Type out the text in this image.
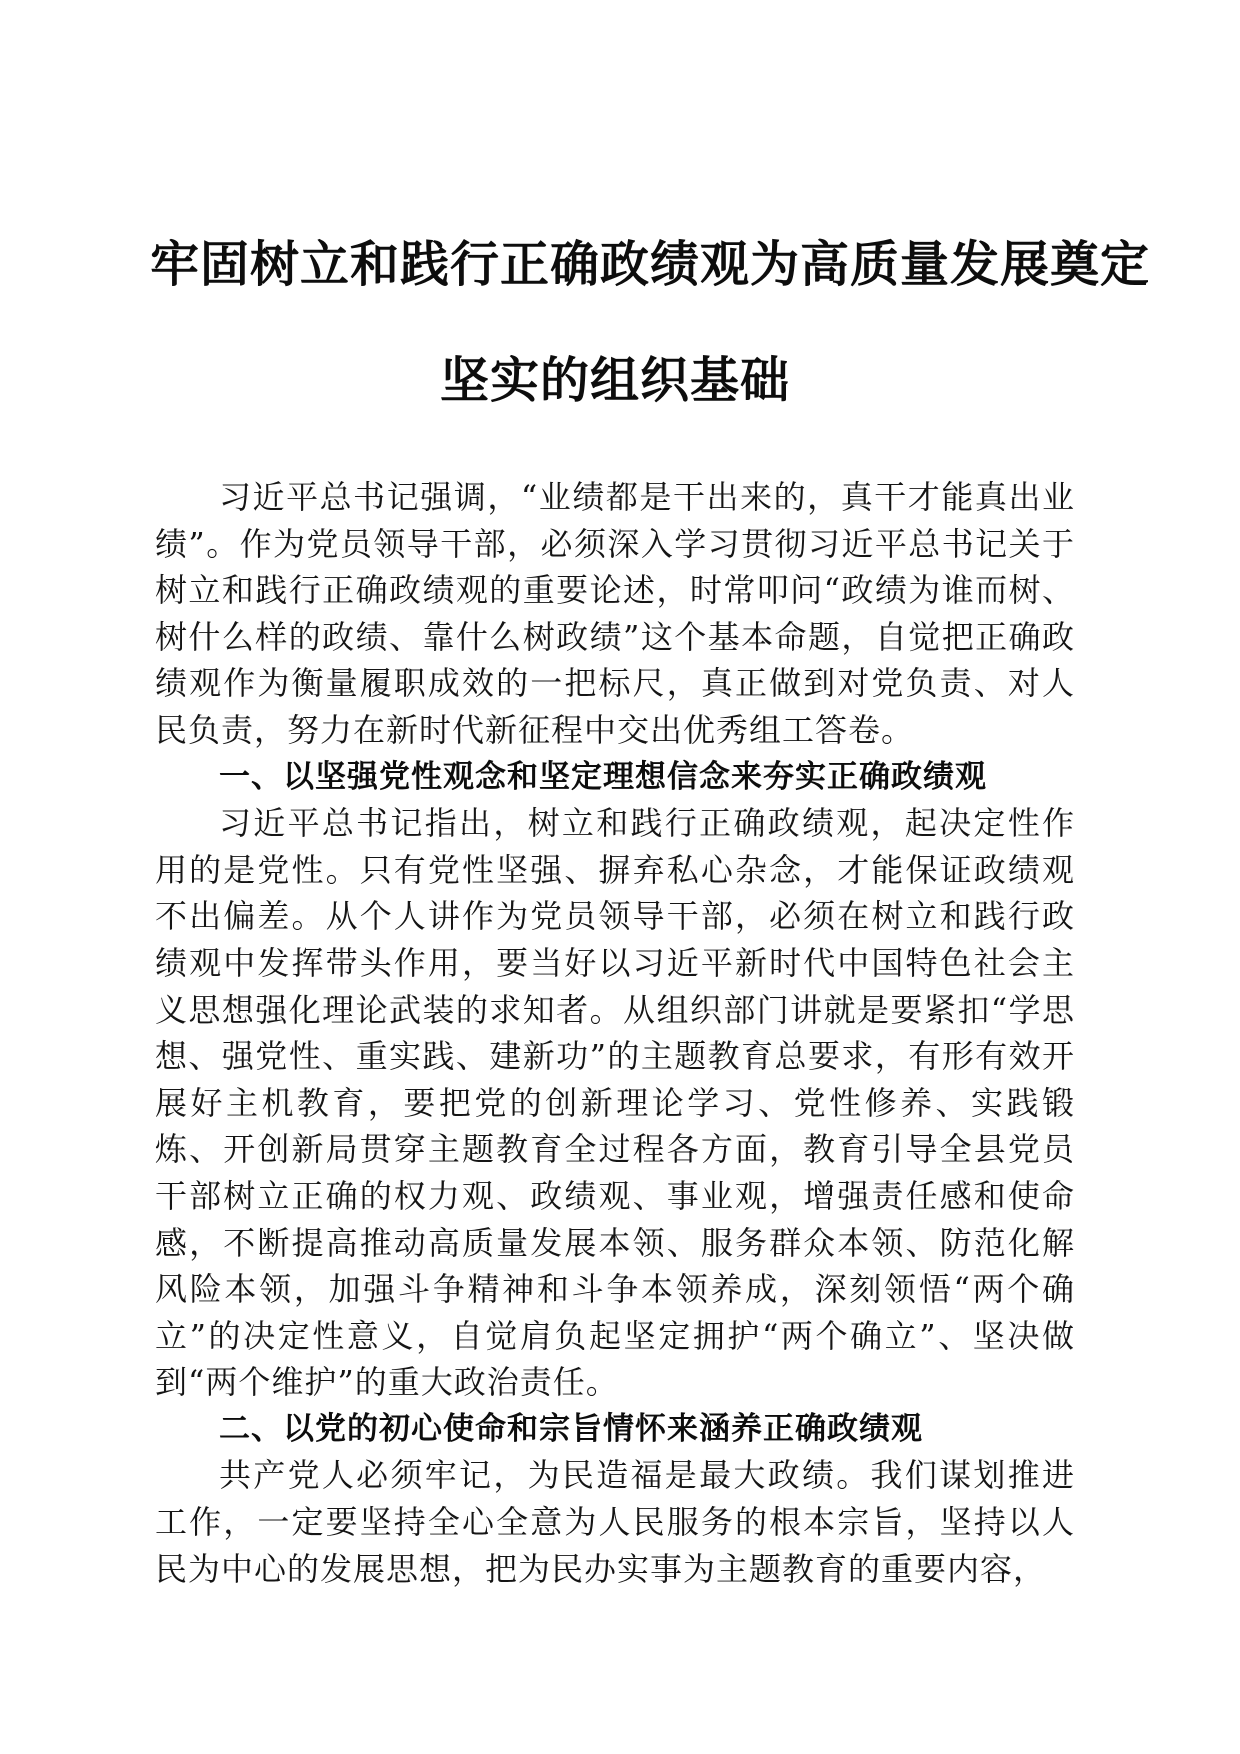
牢固树立和践行正确政绩观为高质量发展奠定
坚实的组织基础

习近平总书记强调，“业绩都是干出来的，真干才能真出业绩”。作为党员领导干部，必须深入学习贯彻习近平总书记关于树立和践行正确政绩观的重要论述，时常叩问“政绩为谁而树、树什么样的政绩、靠什么树政绩”这个基本命题，自觉把正确政绩观作为衡量履职成效的一把标尺，真正做到对党负责、对人民负责，努力在新时代新征程中交出优秀组工答卷。

一、以坚强党性观念和坚定理想信念来夯实正确政绩观

习近平总书记指出，树立和践行正确政绩观，起决定性作用的是党性。只有党性坚强、摒弃私心杂念，才能保证政绩观不出偏差。从个人讲作为党员领导干部，必须在树立和践行政绩观中发挥带头作用，要当好以习近平新时代中国特色社会主义思想强化理论武装的求知者。从组织部门讲就是要紧扣“学思想、强党性、重实践、建新功”的主题教育总要求，有形有效开展好主机教育，要把党的创新理论学习、党性修养、实践锻炼、开创新局贯穿主题教育全过程各方面，教育引导全县党员干部树立正确的权力观、政绩观、事业观，增强责任感和使命感，不断提高推动高质量发展本领、服务群众本领、防范化解风险本领，加强斗争精神和斗争本领养成，深刻领悟“两个确立”的决定性意义，自觉肩负起坚定拥护“两个确立”、坚决做到“两个维护”的重大政治责任。

二、以党的初心使命和宗旨情怀来涵养正确政绩观

共产党人必须牢记，为民造福是最大政绩。我们谋划推进工作，一定要坚持全心全意为人民服务的根本宗旨，坚持以人民为中心的发展思想，把为民办实事为主题教育的重要内容，
